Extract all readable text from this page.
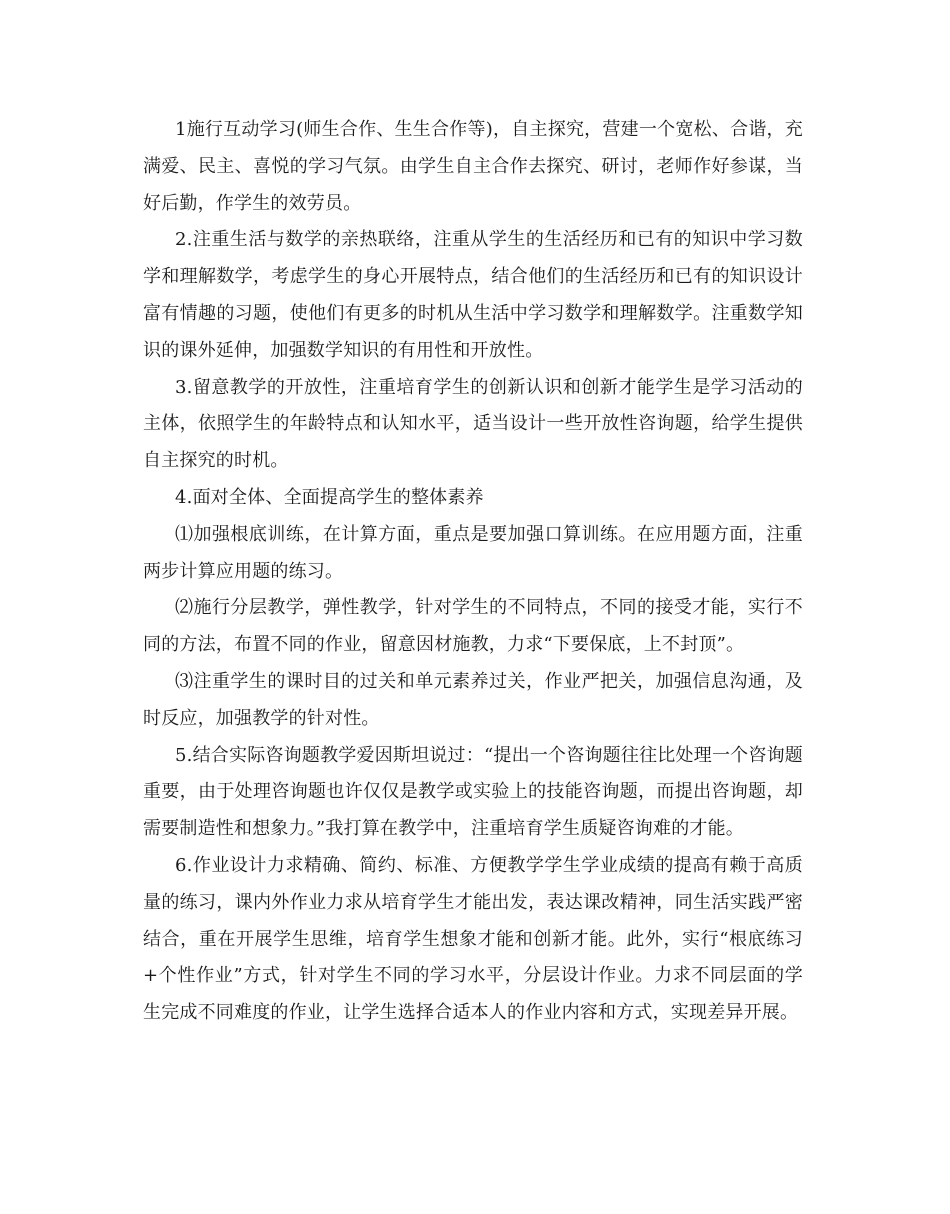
1施行互动学习(师生合作、生生合作等)，自主探究，营建一个宽松、合谐，充满爱、民主、喜悦的学习气氛。由学生自主合作去探究、研讨，老师作好参谋，当好后勤，作学生的效劳员。

2.注重生活与数学的亲热联络，注重从学生的生活经历和已有的知识中学习数学和理解数学，考虑学生的身心开展特点，结合他们的生活经历和已有的知识设计富有情趣的习题，使他们有更多的时机从生活中学习数学和理解数学。注重数学知识的课外延伸，加强数学知识的有用性和开放性。

3.留意教学的开放性，注重培育学生的创新认识和创新才能学生是学习活动的主体，依照学生的年龄特点和认知水平，适当设计一些开放性咨询题，给学生提供自主探究的时机。

4.面对全体、全面提高学生的整体素养

⑴加强根底训练，在计算方面，重点是要加强口算训练。在应用题方面，注重两步计算应用题的练习。

⑵施行分层教学，弹性教学，针对学生的不同特点，不同的接受才能，实行不同的方法，布置不同的作业，留意因材施教，力求“下要保底，上不封顶”。

⑶注重学生的课时目的过关和单元素养过关，作业严把关，加强信息沟通，及时反应，加强教学的针对性。

5.结合实际咨询题教学爱因斯坦说过：“提出一个咨询题往往比处理一个咨询题重要，由于处理咨询题也许仅仅是教学或实验上的技能咨询题，而提出咨询题，却需要制造性和想象力。”我打算在教学中，注重培育学生质疑咨询难的才能。

6.作业设计力求精确、简约、标准、方便教学学生学业成绩的提高有赖于高质量的练习，课内外作业力求从培育学生才能出发，表达课改精神，同生活实践严密结合，重在开展学生思维，培育学生想象才能和创新才能。此外，实行“根底练习+个性作业”方式，针对学生不同的学习水平，分层设计作业。力求不同层面的学生完成不同难度的作业，让学生选择合适本人的作业内容和方式，实现差异开展。
